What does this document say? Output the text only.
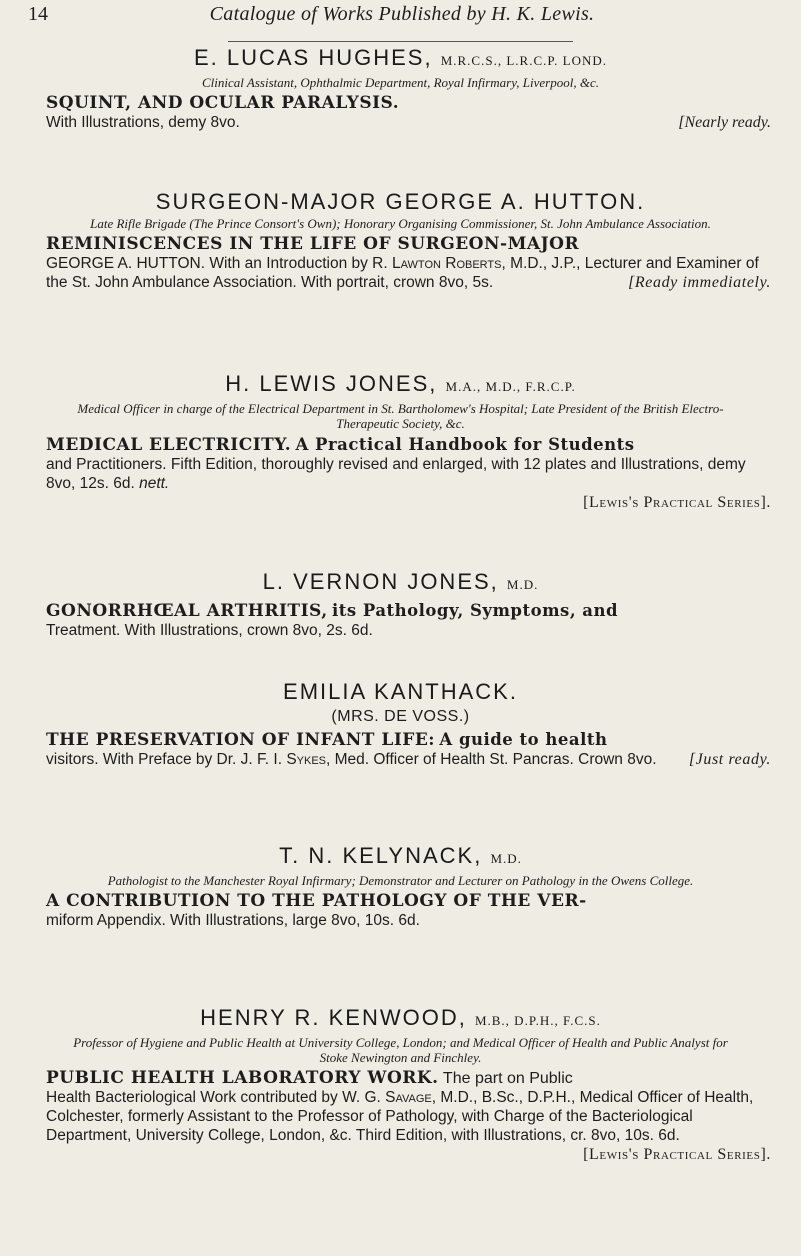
14	Catalogue of Works Published by H. K. Lewis.

E. LUCAS HUGHES, M.R.C.S., L.R.C.P. LOND.

Clinical Assistant, Ophthalmic Department, Royal Infirmary, Liverpool, &c.
SQUINT, AND OCULAR PARALYSIS.
[Nearly ready.
With Illustrations, demy 8vo.

SURGEON-MAJOR GEORGE A. HUTTON.

Late Rifle Brigade (The Prince Consort's Own); Honorary Organising Commissioner, St. John Ambulance Association.
REMINISCENCES IN THE LIFE OF SURGEON-MAJOR
GEORGE A. HUTTON. With an Introduction by R. Lawton Roberts, M.D., J.P., Lecturer and Examiner of the St. John Ambulance Association. With portrait, crown 8vo, 5s.	[Ready immediately.

H. LEWIS JONES, M.A., M.D., F.R.C.P.

Medical Officer in charge of the Electrical Department in St. Bartholomew's Hospital; Late President of the British Electro-Therapeutic Society, &c.
MEDICAL ELECTRICITY. A Practical Handbook for Students
and Practitioners. Fifth Edition, thoroughly revised and enlarged, with 12 plates and Illustrations, demy 8vo, 12s. 6d. nett.
[Lewis's Practical Series].

L. VERNON JONES, M.D.

GONORRHŒAL ARTHRITIS, its Pathology, Symptoms, and
Treatment. With Illustrations, crown 8vo, 2s. 6d.

EMILIA KANTHACK.

(MRS. DE VOSS.)
THE PRESERVATION OF INFANT LIFE: A guide to health
visitors. With Preface by Dr. J. F. I. Sykes, Med. Officer of Health St. Pancras. Crown 8vo.	[Just ready.

T. N. KELYNACK, M.D.

Pathologist to the Manchester Royal Infirmary; Demonstrator and Lecturer on Pathology in the Owens College.
A CONTRIBUTION TO THE PATHOLOGY OF THE VER-
miform Appendix. With Illustrations, large 8vo, 10s. 6d.

HENRY R. KENWOOD, M.B., D.P.H., F.C.S.

Professor of Hygiene and Public Health at University College, London; and Medical Officer of Health and Public Analyst for Stoke Newington and Finchley.
PUBLIC HEALTH LABORATORY WORK. The part on Public
Health Bacteriological Work contributed by W. G. Savage, M.D., B.Sc., D.P.H., Medical Officer of Health, Colchester, formerly Assistant to the Professor of Pathology, with Charge of the Bacteriological Department, University College, London, &c. Third Edition, with Illustrations, cr. 8vo, 10s. 6d.
[Lewis's Practical Series].
